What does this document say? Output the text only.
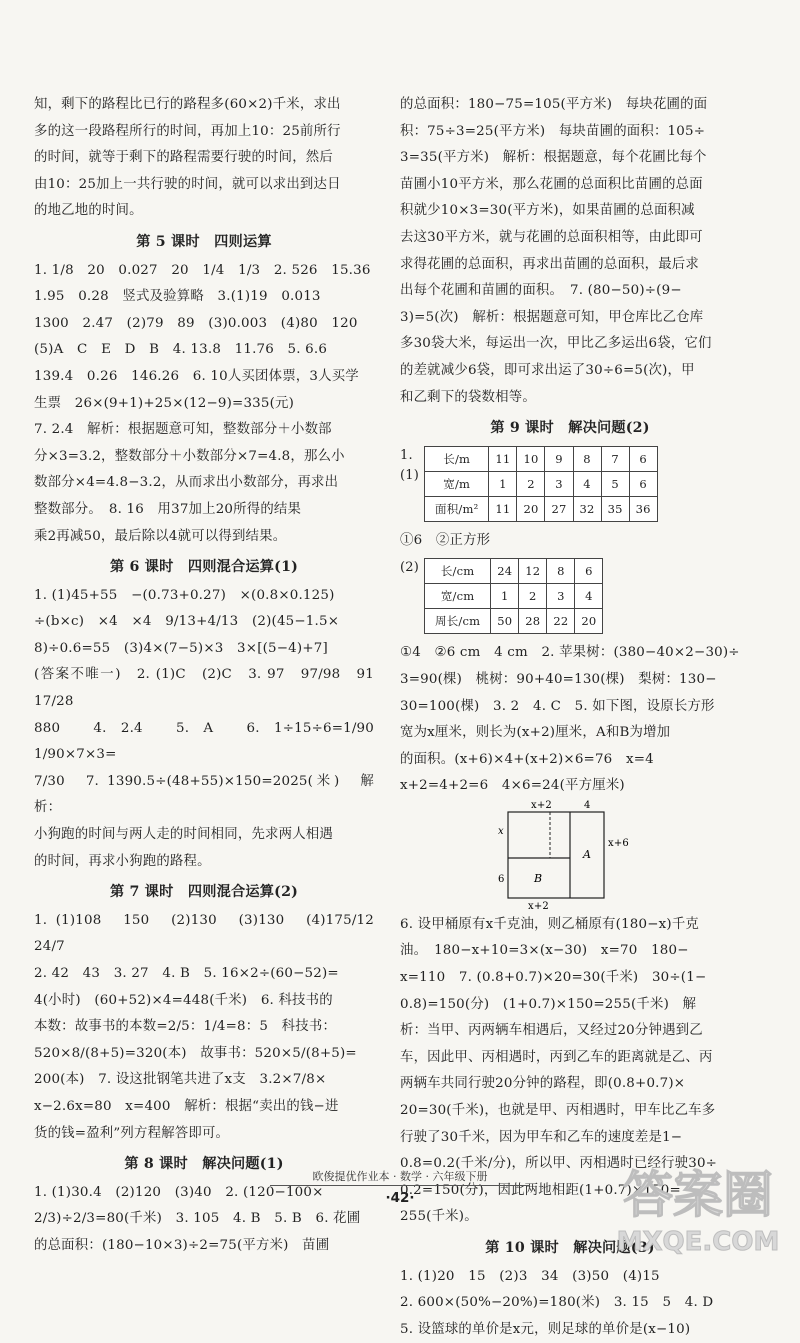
知，剩下的路程比已行的路程多(60×2)千米，求出

多的这一段路程所行的时间，再加上10：25前所行

的时间，就等于剩下的路程需要行驶的时间，然后

由10：25加上一共行驶的时间，就可以求出到达日

的地乙地的时间。

第 5 课时　四则运算

1. 1/8　20　0.027　20　1/4　1/3　2. 526　15.36

1.95　0.28　竖式及验算略　3.(1)19　0.013

1300　2.47　(2)79　89　(3)0.003　(4)80　120

(5)A　C　E　D　B　4. 13.8　11.76　5. 6.6

139.4　0.26　146.26　6. 10人买团体票，3人买学

生票　26×(9+1)+25×(12−9)=335(元)

7. 2.4　解析：根据题意可知，整数部分＋小数部

分×3=3.2，整数部分＋小数部分×7=4.8，那么小

数部分×4=4.8−3.2，从而求出小数部分，再求出

整数部分。　8. 16　用37加上20所得的结果

乘2再减50，最后除以4就可以得到结果。

第 6 课时　四则混合运算(1)

1. (1)45+55　−(0.73+0.27)　×(0.8×0.125)

÷(b×c)　×4　×4　9/13+4/13　(2)(45−1.5×

8)÷0.6=55　(3)4×(7−5)×3　3×[(5−4)+7]

(答案不唯一)　2. (1)C　(2)C　3. 97　97/98　91　17/28

880　4. 2.4　5. A　6. 1÷15÷6=1/90　1/90×7×3=

7/30　7. 1390.5÷(48+55)×150=2025(米)　解析：

小狗跑的时间与两人走的时间相同，先求两人相遇

的时间，再求小狗跑的路程。

第 7 课时　四则混合运算(2)

1. (1)108　150　(2)130　(3)130　(4)175/12　24/7

2. 42　43　3. 27　4. B　5. 16×2÷(60−52)=

4(小时)　(60+52)×4=448(千米)　6. 科技书的

本数：故事书的本数=2/5：1/4=8：5　科技书：

520×8/(8+5)=320(本)　故事书：520×5/(8+5)=

200(本)　7. 设这批钢笔共进了x支　3.2×7/8×

x−2.6x=80　x=400　解析：根据“卖出的钱−进

货的钱=盈利”列方程解答即可。

第 8 课时　解决问题(1)

1. (1)30.4　(2)120　(3)40　2. (120−100×

2/3)÷2/3=80(千米)　3. 105　4. B　5. B　6. 花圃

的总面积：(180−10×3)÷2=75(平方米)　苗圃

的总面积：180−75=105(平方米)　每块花圃的面

积：75÷3=25(平方米)　每块苗圃的面积：105÷

3=35(平方米)　解析：根据题意，每个花圃比每个

苗圃小10平方米，那么花圃的总面积比苗圃的总面

积就少10×3=30(平方米)，如果苗圃的总面积减

去这30平方米，就与花圃的总面积相等，由此即可

求得花圃的总面积，再求出苗圃的总面积，最后求

出每个花圃和苗圃的面积。　7. (80−50)÷(9−

3)=5(次)　解析：根据题意可知，甲仓库比乙仓库

多30袋大米，每运出一次，甲比乙多运出6袋，它们

的差就减少6袋，即可求出运了30÷6=5(次)，甲

和乙剩下的袋数相等。

第 9 课时　解决问题(2)
1. (1)
长/m	11	10	9	8	7	6
宽/m	1	2	3	4	5	6
面积/m²	11	20	27	32	35	36

①6　②正方形

(2)	长/cm	24	12	8	6
宽/cm	1	2	3	4
周长/cm	50	28	22	20

①4　②6 cm　4 cm　2. 苹果树：(380−40×2−30)÷

3=90(棵)　桃树：90+40=130(棵)　梨树：130−

30=100(棵)　3. 2　4. C　5. 如下图，设原长方形

宽为x厘米，则长为(x+2)厘米，A和B为增加

的面积。(x+6)×4+(x+2)×6=76　x=4

x+2=4+2=6　4×6=24(平方厘米)

x+2	4
x
x+6
6
x+2
A
B

6. 设甲桶原有x千克油，则乙桶原有(180−x)千克

油。　180−x+10=3×(x−30)　x=70　180−

x=110　7. (0.8+0.7)×20=30(千米)　30÷(1−

0.8)=150(分)　(1+0.7)×150=255(千米)　解

析：当甲、丙两辆车相遇后，又经过20分钟遇到乙

车，因此甲、丙相遇时，丙到乙车的距离就是乙、丙

两辆车共同行驶20分钟的路程，即(0.8+0.7)×

20=30(千米)，也就是甲、丙相遇时，甲车比乙车多

行驶了30千米，因为甲车和乙车的速度差是1−

0.8=0.2(千米/分)，所以甲、丙相遇时已经行驶30÷

0.2=150(分)，因此两地相距(1+0.7)×150=

255(千米)。

第 10 课时　解决问题(3)

1. (1)20　15　(2)3　34　(3)50　(4)15

2. 600×(50%−20%)=180(米)　3. 15　5　4. D

5. 设篮球的单价是x元，则足球的单价是(x−10)

欧俊提优作业本 · 数学 · 六年级下册
·42·	答案圈
MXQE.COM
